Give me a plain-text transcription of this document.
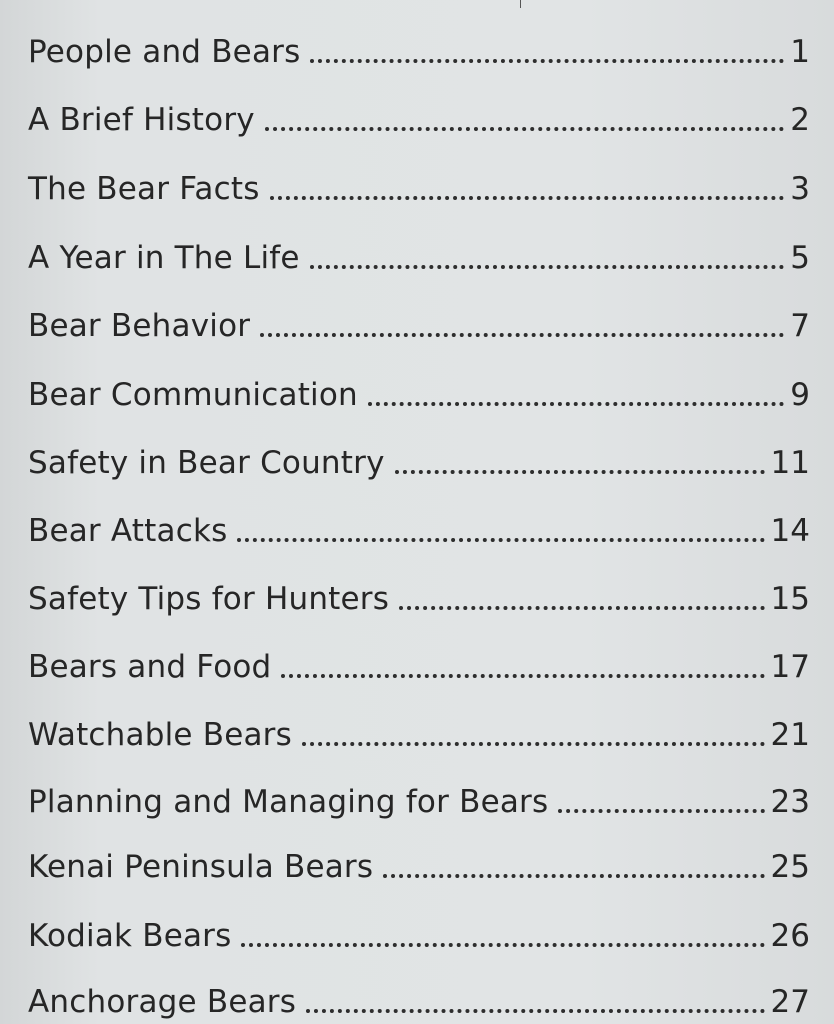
People and Bears	1
A Brief History	2
The Bear Facts	3
A Year in The Life	5
Bear Behavior	7
Bear Communication	9
Safety in Bear Country	11
Bear Attacks	14
Safety Tips for Hunters	15
Bears and Food	17
Watchable Bears	21
Planning and Managing for Bears	23
Kenai Peninsula Bears	25
Kodiak Bears	26
Anchorage Bears	27
